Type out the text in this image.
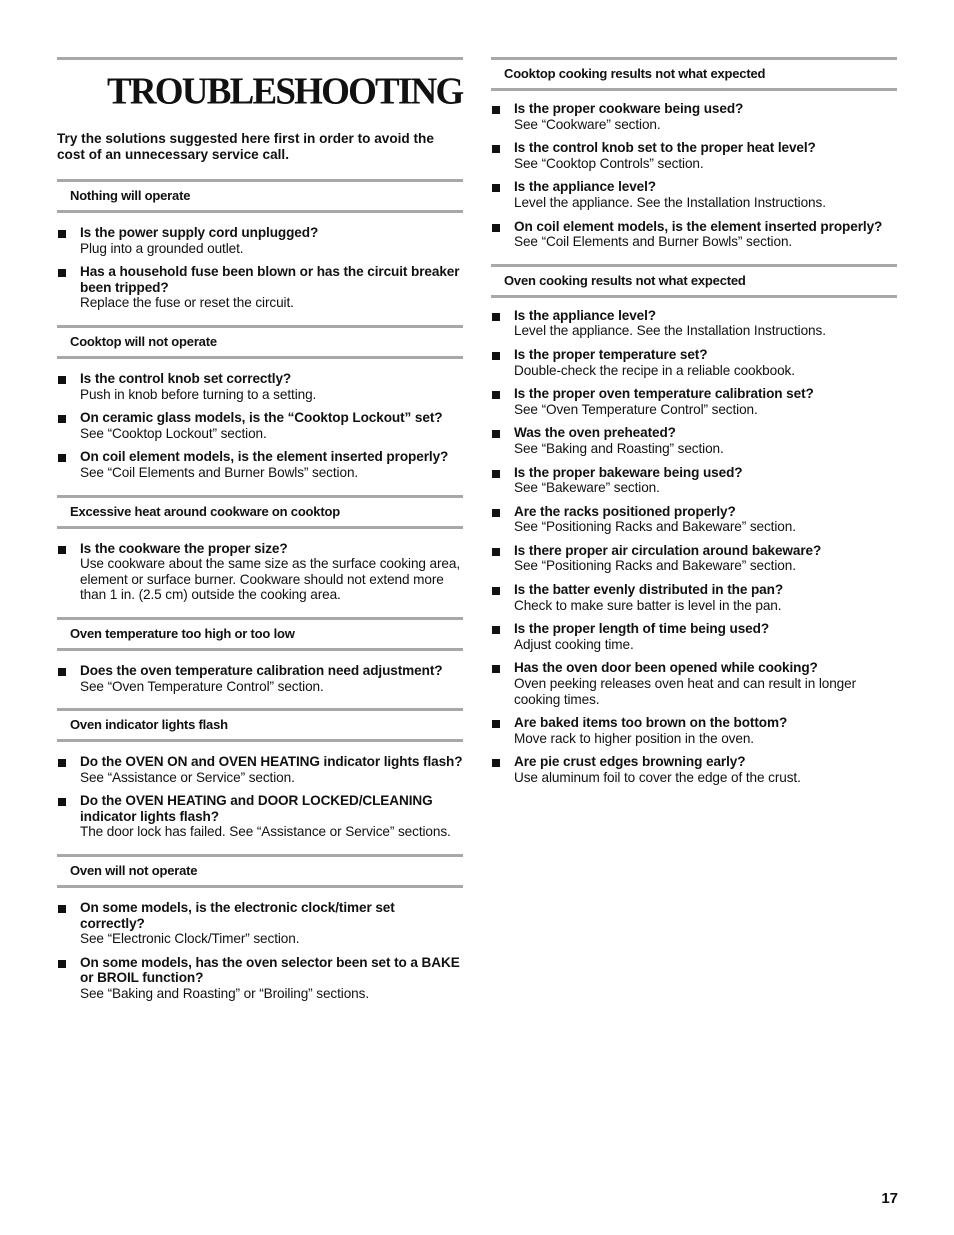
TROUBLESHOOTING

Try the solutions suggested here first in order to avoid the cost of an unnecessary service call.

Nothing will operate
Is the power supply cord unplugged?
Plug into a grounded outlet.
Has a household fuse been blown or has the circuit breaker been tripped?
Replace the fuse or reset the circuit.
Cooktop will not operate
Is the control knob set correctly?
Push in knob before turning to a setting.
On ceramic glass models, is the “Cooktop Lockout” set?
See “Cooktop Lockout” section.
On coil element models, is the element inserted properly?
See “Coil Elements and Burner Bowls” section.
Excessive heat around cookware on cooktop
Is the cookware the proper size?
Use cookware about the same size as the surface cooking area, element or surface burner. Cookware should not extend more than 1 in. (2.5 cm) outside the cooking area.
Oven temperature too high or too low
Does the oven temperature calibration need adjustment?
See “Oven Temperature Control” section.
Oven indicator lights flash
Do the OVEN ON and OVEN HEATING indicator lights flash?
See “Assistance or Service” section.
Do the OVEN HEATING and DOOR LOCKED/CLEANING indicator lights flash?
The door lock has failed. See “Assistance or Service” sections.
Oven will not operate
On some models, is the electronic clock/timer set correctly?
See “Electronic Clock/Timer” section.
On some models, has the oven selector been set to a BAKE or BROIL function?
See “Baking and Roasting” or “Broiling” sections.
Cooktop cooking results not what expected
Is the proper cookware being used?
See “Cookware” section.
Is the control knob set to the proper heat level?
See “Cooktop Controls” section.
Is the appliance level?
Level the appliance. See the Installation Instructions.
On coil element models, is the element inserted properly?
See “Coil Elements and Burner Bowls” section.
Oven cooking results not what expected
Is the appliance level?
Level the appliance. See the Installation Instructions.
Is the proper temperature set?
Double-check the recipe in a reliable cookbook.
Is the proper oven temperature calibration set?
See “Oven Temperature Control” section.
Was the oven preheated?
See “Baking and Roasting” section.
Is the proper bakeware being used?
See “Bakeware” section.
Are the racks positioned properly?
See “Positioning Racks and Bakeware” section.
Is there proper air circulation around bakeware?
See “Positioning Racks and Bakeware” section.
Is the batter evenly distributed in the pan?
Check to make sure batter is level in the pan.
Is the proper length of time being used?
Adjust cooking time.
Has the oven door been opened while cooking?
Oven peeking releases oven heat and can result in longer cooking times.
Are baked items too brown on the bottom?
Move rack to higher position in the oven.
Are pie crust edges browning early?
Use aluminum foil to cover the edge of the crust.
17
